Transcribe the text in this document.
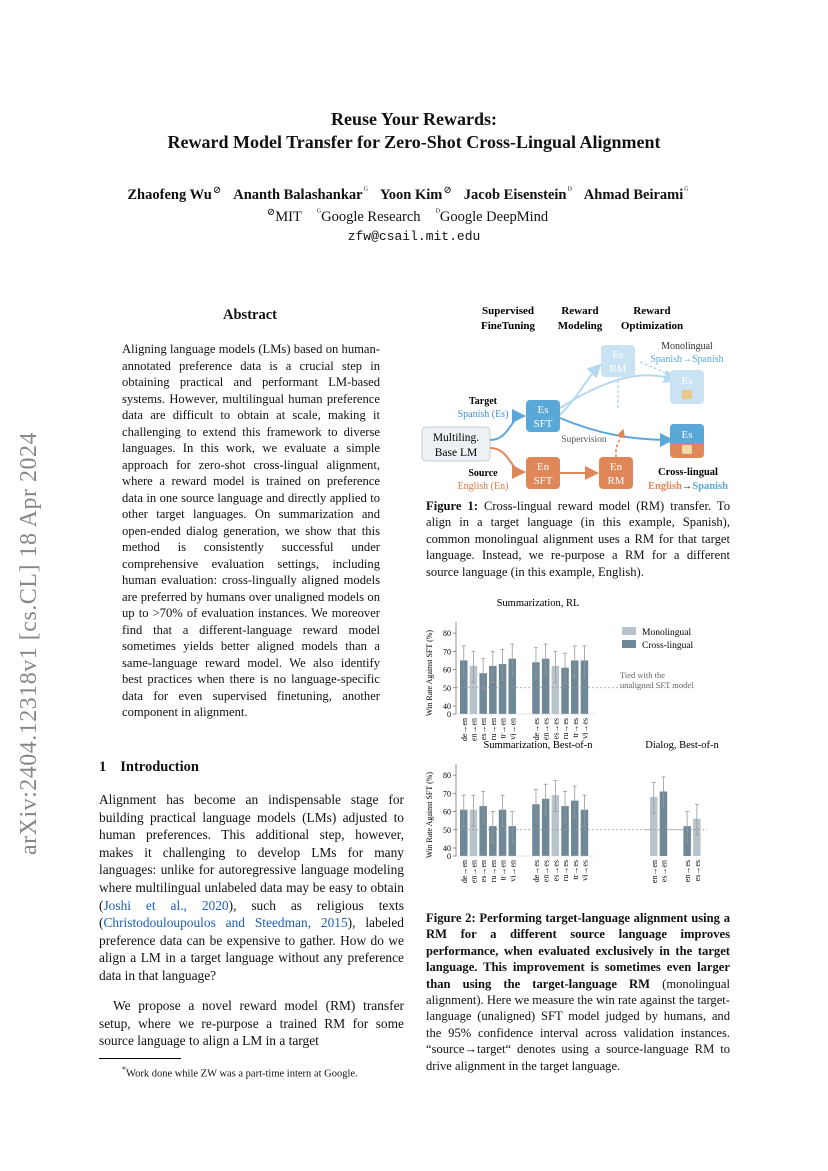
arXiv:2404.12318v1 [cs.CL] 18 Apr 2024
Reuse Your Rewards:
Reward Model Transfer for Zero-Shot Cross-Lingual Alignment
Zhaofeng Wu⊘ Ananth Balashankar$^ᴳ$ Yoon Kim⊘ Jacob Eisenstein$^ᴰ$ Ahmad Beirami$^ᴳ$
⊘MIT $^ᴳ$Google Research $^ᴰ$Google DeepMind
zfw@csail.mit.edu
Abstract
Aligning language models (LMs) based on human-annotated preference data is a crucial step in obtaining practical and performant LM-based systems. However, multilingual human preference data are difficult to obtain at scale, making it challenging to extend this framework to diverse languages. In this work, we evaluate a simple approach for zero-shot cross-lingual alignment, where a reward model is trained on preference data in one source language and directly applied to other target languages. On summarization and open-ended dialog generation, we show that this method is consistently successful under comprehensive evaluation settings, including human evaluation: cross-lingually aligned models are preferred by humans over unaligned models on up to >70% of evaluation instances. We moreover find that a different-language reward model sometimes yields better aligned models than a same-language reward model. We also identify best practices when there is no language-specific data for even supervised finetuning, another component in alignment.
1 Introduction
Alignment has become an indispensable stage for building practical language models (LMs) adjusted to human preferences. This additional step, however, makes it challenging to develop LMs for many languages: unlike for autoregressive language modeling where multilingual unlabeled data may be easy to obtain (Joshi et al., 2020), such as religious texts (Christodouloupoulos and Steedman, 2015), labeled preference data can be expensive to gather. How do we align a LM in a target language without any preference data in that language?
We propose a novel reward model (RM) transfer setup, where we re-purpose a trained RM for some source language to align a LM in a target
*Work done while ZW was a part-time intern at Google.
Supervised
FineTuning
Reward
Modeling
Reward
Optimization
Multiling.
Base LM
Target
Spanish (Es)
Source
English (En)
Es
SFT
En
SFT
Es
RM
En
RM
Supervision
Monolingual
Spanish→Spanish
Es
Es
Cross-lingual
English→Spanish
Figure 1: Cross-lingual reward model (RM) transfer. To align in a target language (in this example, Spanish), common monolingual alignment uses a RM for that target language. Instead, we re-purpose a RM for a different source language (in this example, English).
Monolingual
Cross-lingual
Tied with the
unaligned SFT model
Summarization, RL
0
40
50
60
70
80
Win Rate Against SFT (%)
de→en en→en es→en ru→en tr→en vi→en de→es en→es es→es ru→es tr→es vi→es
Summarization, Best-of-n
0
40
50
60
70
80
Win Rate Against SFT (%)
de→en en→en es→en ru→en tr→en vi→en de→es en→es es→es ru→es tr→es vi→es
Dialog, Best-of-n
en→en es→en en→es es→es
Figure 2: Performing target-language alignment using a RM for a different source language improves performance, when evaluated exclusively in the target language. This improvement is sometimes even larger than using the target-language RM (monolingual alignment). Here we measure the win rate against the target-language (unaligned) SFT model judged by humans, and the 95% confidence interval across validation instances. “source→target“ denotes using a source-language RM to drive alignment in the target language.
